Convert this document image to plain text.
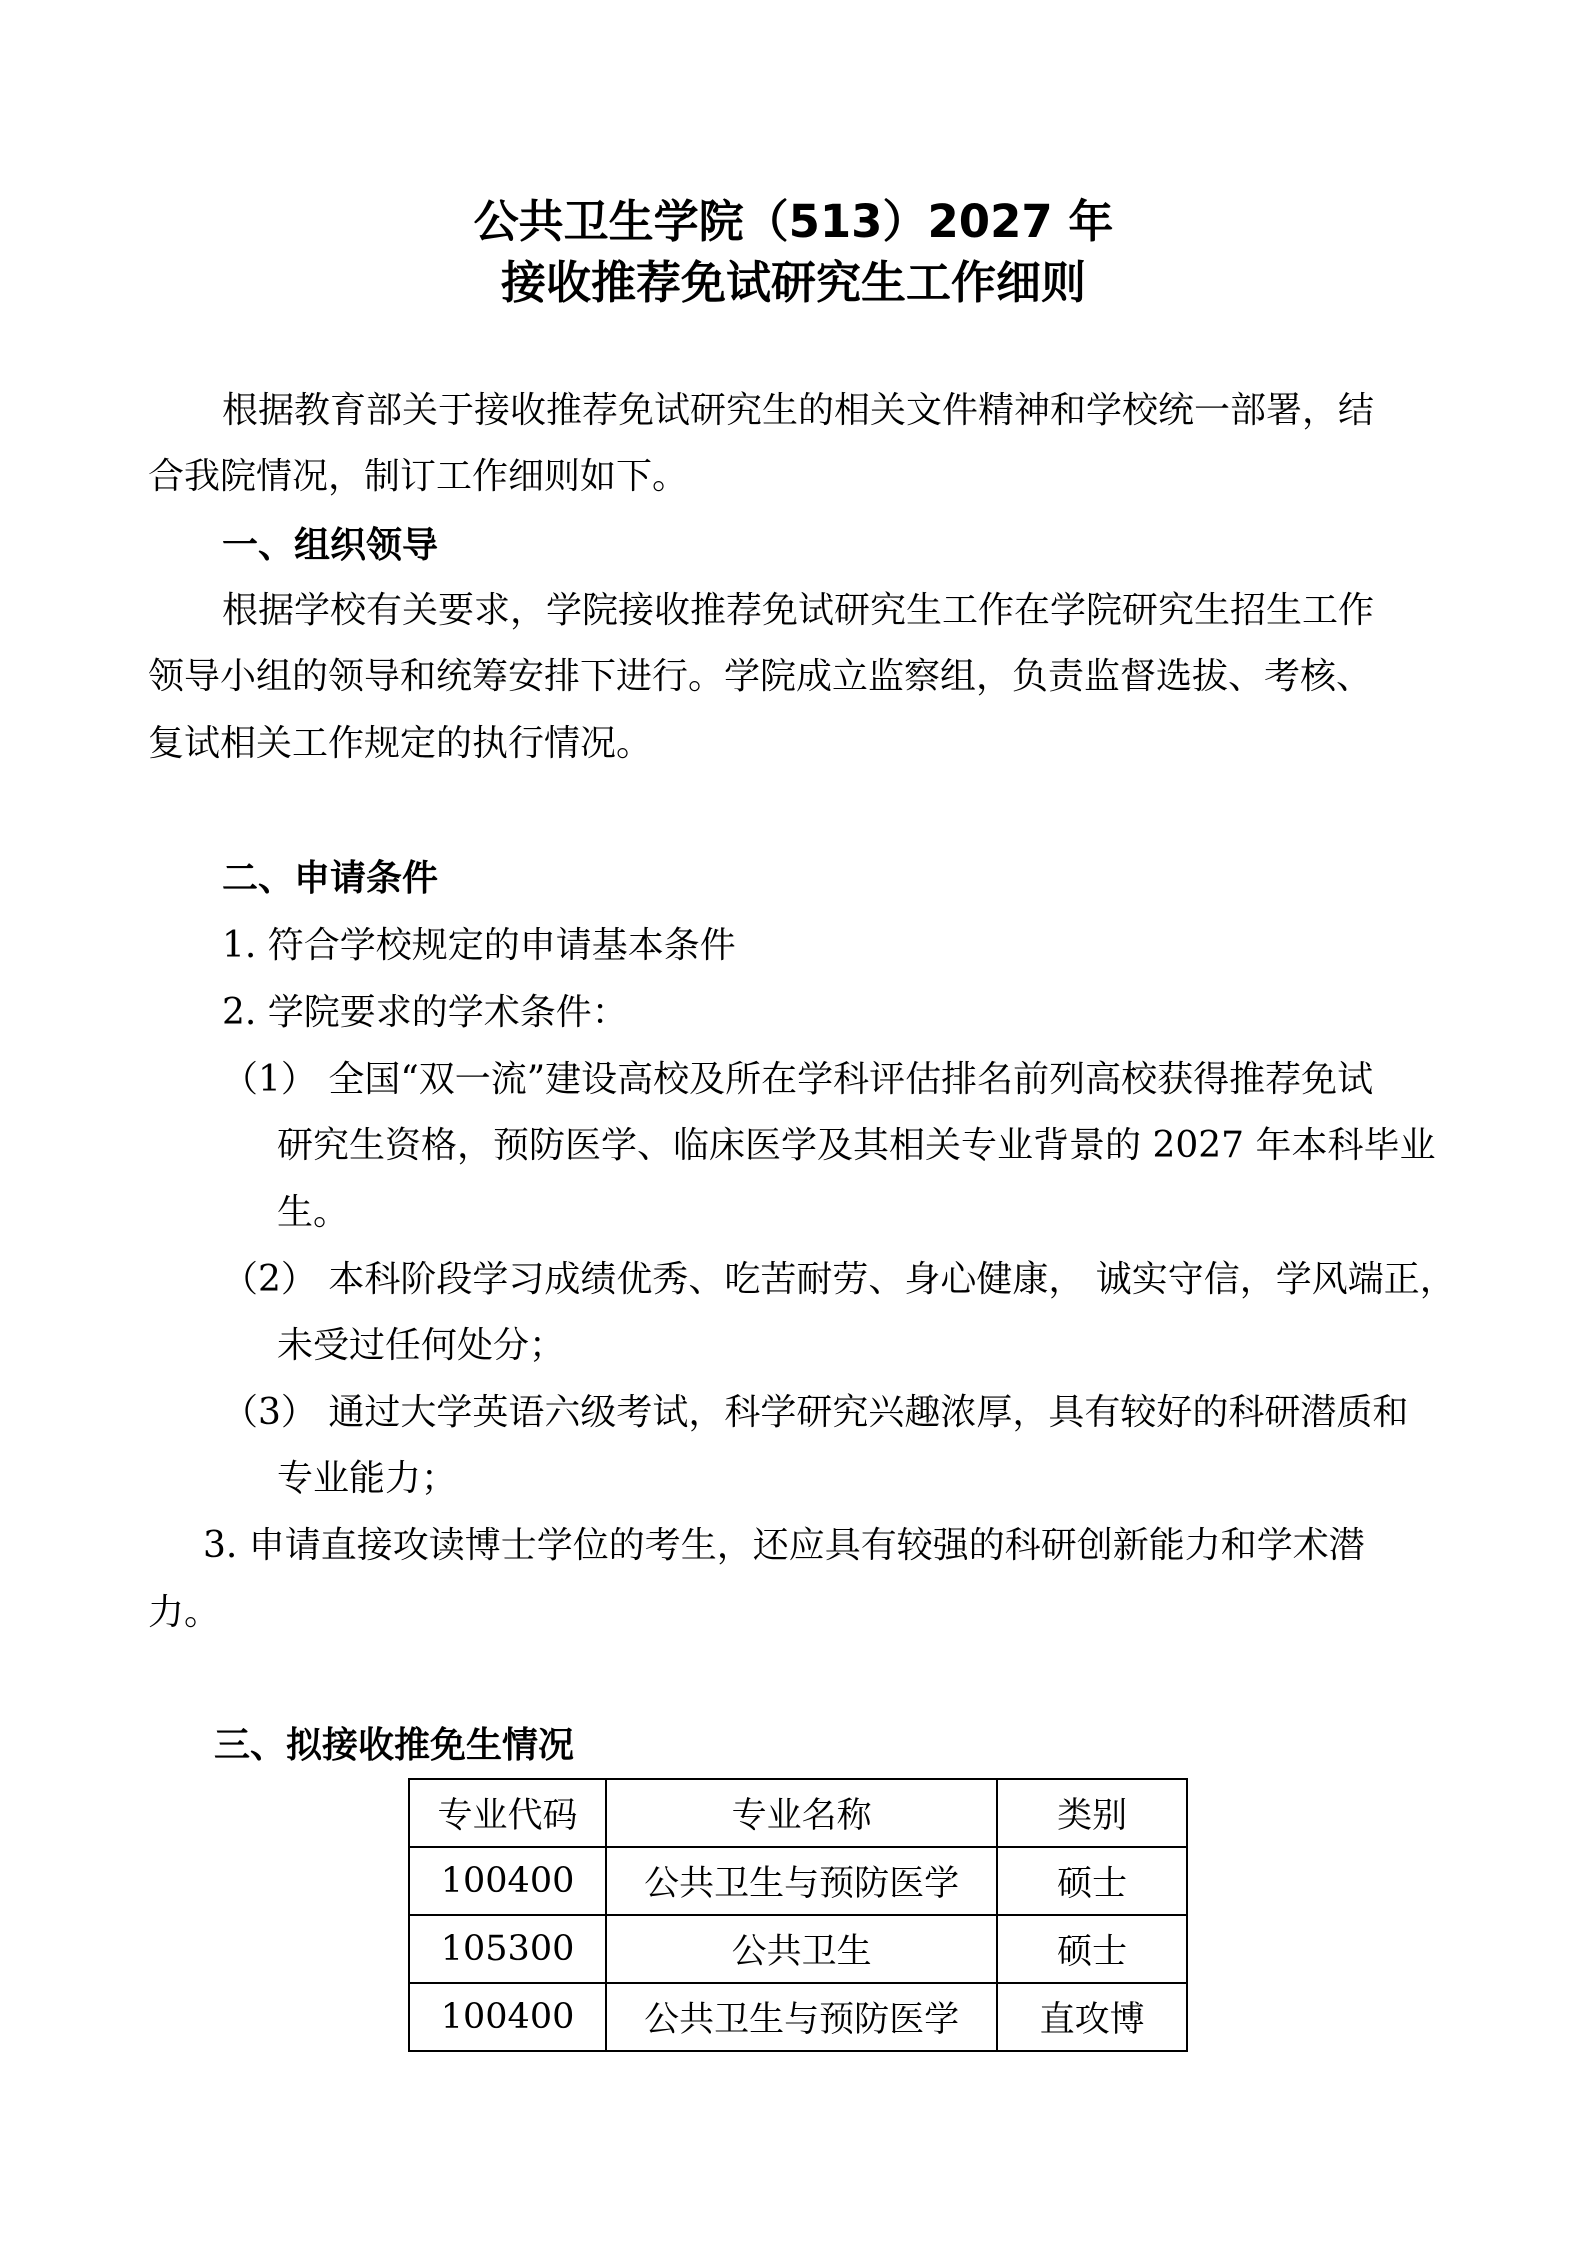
公共卫生学院（513）2027 年
接收推荐免试研究生工作细则

根据教育部关于接收推荐免试研究生的相关文件精神和学校统一部署，结

合我院情况，制订工作细则如下。

一、组织领导

根据学校有关要求，学院接收推荐免试研究生工作在学院研究生招生工作

领导小组的领导和统筹安排下进行。学院成立监察组，负责监督选拔、考核、

复试相关工作规定的执行情况。

二、申请条件

1. 符合学校规定的申请基本条件

2. 学院要求的学术条件：

（1） 全国“双一流”建设高校及所在学科评估排名前列高校获得推荐免试

研究生资格，预防医学、临床医学及其相关专业背景的 2027 年本科毕业

生。

（2） 本科阶段学习成绩优秀、吃苦耐劳、身心健康， 诚实守信，学风端正，

未受过任何处分；

（3） 通过大学英语六级考试，科学研究兴趣浓厚，具有较好的科研潜质和

专业能力；

3. 申请直接攻读博士学位的考生，还应具有较强的科研创新能力和学术潜

力。

三、拟接收推免生情况
专业代码	专业名称	类别
100400	公共卫生与预防医学	硕士
105300	公共卫生	硕士
100400	公共卫生与预防医学	直攻博
